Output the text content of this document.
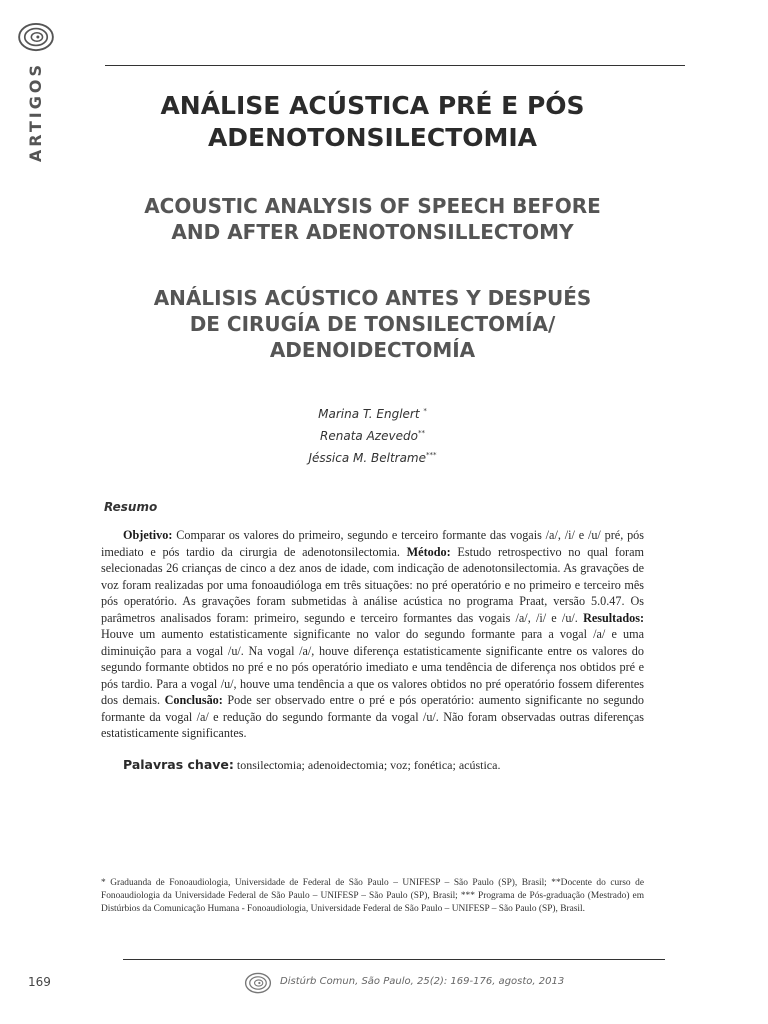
ARTIGOS	ANÁLISE ACÚSTICA PRÉ E PÓS
ADENOTONSILECTOMIA
ACOUSTIC ANALYSIS OF SPEECH BEFORE
AND AFTER ADENOTONSILLECTOMY
ANÁLISIS ACÚSTICO ANTES Y DESPUÉS
DE CIRUGÍA DE TONSILECTOMÍA/
ADENOIDECTOMÍA
Marina T. Englert *
Renata Azevedo**
Jéssica M. Beltrame***
Resumo

Objetivo: Comparar os valores do primeiro, segundo e terceiro formante das vogais /a/, /i/ e /u/ pré, pós imediato e pós tardio da cirurgia de adenotonsilectomia. Método: Estudo retrospectivo no qual foram selecionadas 26 crianças de cinco a dez anos de idade, com indicação de adenotonsilectomia. As gravações de voz foram realizadas por uma fonoaudióloga em três situações: no pré operatório e no primeiro e terceiro mês pós operatório. As gravações foram submetidas à análise acústica no programa Praat, versão 5.0.47. Os parâmetros analisados foram: primeiro, segundo e terceiro formantes das vogais /a/, /i/ e /u/. Resultados: Houve um aumento estatisticamente significante no valor do segundo formante para a vogal /a/ e uma diminuição para a vogal /u/. Na vogal /a/, houve diferença estatisticamente significante entre os valores do segundo formante obtidos no pré e no pós operatório imediato e uma tendência de diferença nos obtidos pré e pós tardio. Para a vogal /u/, houve uma tendência a que os valores obtidos no pré operatório fossem diferentes dos demais. Conclusão: Pode ser observado entre o pré e pós operatório: aumento significante no segundo formante da vogal /a/ e redução do segundo formante da vogal /u/. Não foram observadas outras diferenças estatisticamente significantes.

Palavras chave: tonsilectomia; adenoidectomia; voz; fonética; acústica.

* Graduanda de Fonoaudiologia, Universidade de Federal de São Paulo – UNIFESP – São Paulo (SP), Brasil; **Docente do curso de Fonoaudiologia da Universidade Federal de São Paulo – UNIFESP – São Paulo (SP), Brasil; *** Programa de Pós-graduação (Mestrado) em Distúrbios da Comunicação Humana - Fonoaudiologia, Universidade Federal de São Paulo – UNIFESP – São Paulo (SP), Brasil.

169	Distúrb Comun, São Paulo, 25(2): 169-176, agosto, 2013
